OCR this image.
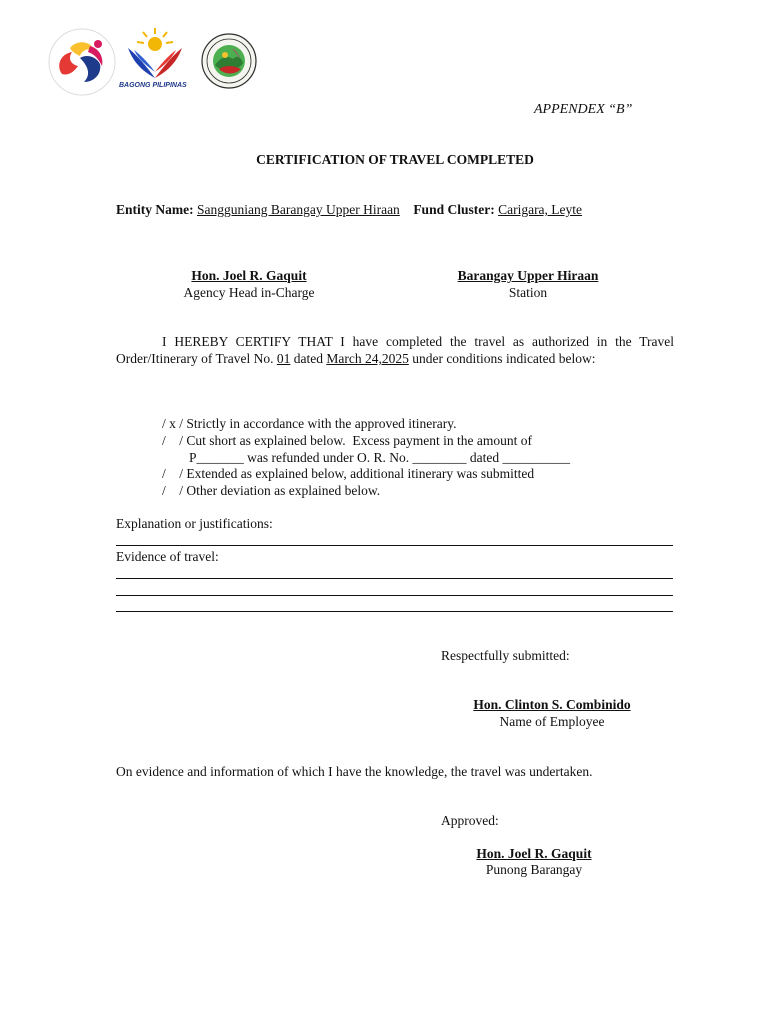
BAGONG PILIPINAS
APPENDEX “B”
CERTIFICATION OF TRAVEL COMPLETED
Entity Name: Sangguniang Barangay Upper Hiraan Fund Cluster: Carigara, Leyte
Hon. Joel R. Gaquit
Agency Head in-Charge
Barangay Upper Hiraan
Station
I HEREBY CERTIFY THAT I have completed the travel as authorized in the Travel Order/Itinerary of Travel No. 01 dated March 24,2025 under conditions indicated below:
/ x / Strictly in accordance with the approved itinerary.
/    / Cut short as explained below.  Excess payment in the amount of
P_______ was refunded under O. R. No. ________ dated __________
/    / Extended as explained below, additional itinerary was submitted
/    / Other deviation as explained below.
Explanation or justifications:
Evidence of travel:
Respectfully submitted:
Hon. Clinton S. Combinido
Name of Employee
On evidence and information of which I have the knowledge, the travel was undertaken.
Approved:
Hon. Joel R. Gaquit
Punong Barangay
